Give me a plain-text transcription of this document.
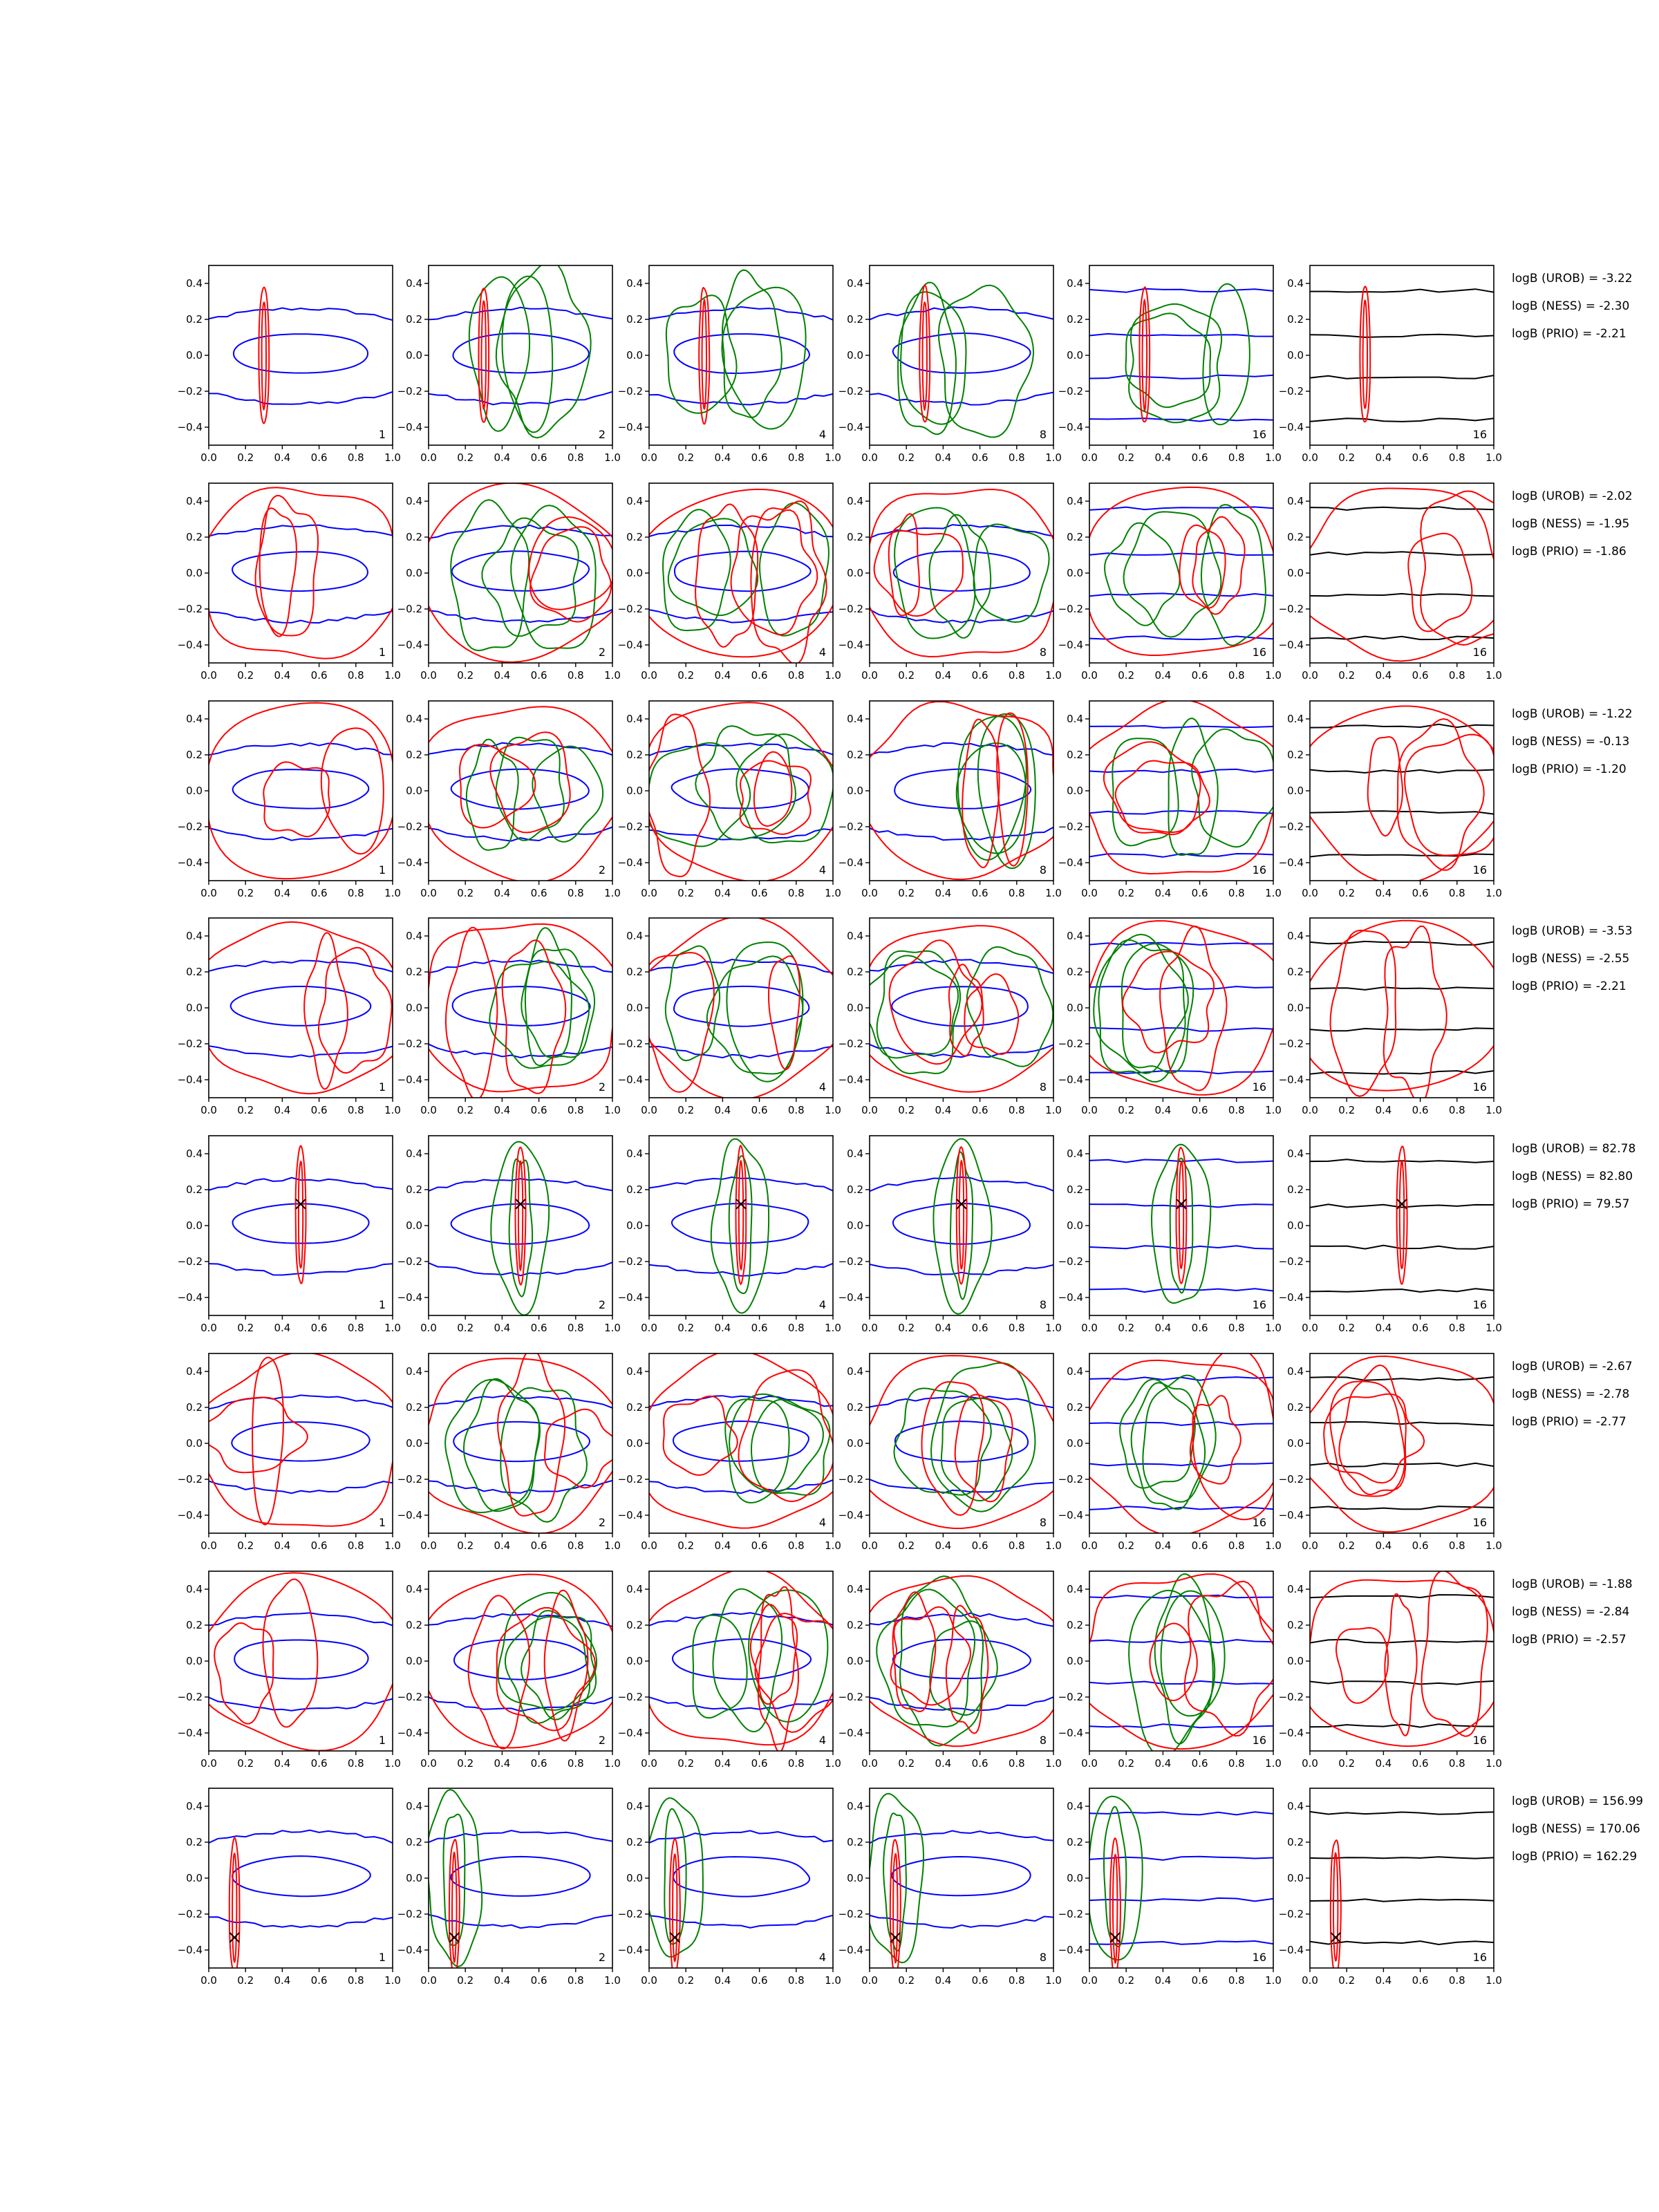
0.0 0.2 0.4 0.6 0.8 1.0
0.4
0.2
0.0
−0.2
−0.4
1
0.0 0.2 0.4 0.6 0.8 1.0
0.4
0.2
0.0
−0.2
−0.4
2
0.0 0.2 0.4 0.6 0.8 1.0
0.4
0.2
0.0
−0.2
−0.4
4
0.0 0.2 0.4 0.6 0.8 1.0
0.4
0.2
0.0
−0.2
−0.4
8
0.0 0.2 0.4 0.6 0.8 1.0
0.4
0.2
0.0
−0.2
−0.4
16
0.0 0.2 0.4 0.6 0.8 1.0
0.4
0.2
0.0
−0.2
−0.4
16
logB (UROB) = -3.22
logB (NESS) = -2.30
logB (PRIO) = -2.21
0.0 0.2 0.4 0.6 0.8 1.0
0.4
0.2
0.0
−0.2
−0.4
1
0.0 0.2 0.4 0.6 0.8 1.0
0.4
0.2
0.0
−0.2
−0.4
2
0.0 0.2 0.4 0.6 0.8 1.0
0.4
0.2
0.0
−0.2
−0.4
4
0.0 0.2 0.4 0.6 0.8 1.0
0.4
0.2
0.0
−0.2
−0.4
8
0.0 0.2 0.4 0.6 0.8 1.0
0.4
0.2
0.0
−0.2
−0.4
16
0.0 0.2 0.4 0.6 0.8 1.0
0.4
0.2
0.0
−0.2
−0.4
16
logB (UROB) = -2.02
logB (NESS) = -1.95
logB (PRIO) = -1.86
0.0 0.2 0.4 0.6 0.8 1.0
0.4
0.2
0.0
−0.2
−0.4
1
0.0 0.2 0.4 0.6 0.8 1.0
0.4
0.2
0.0
−0.2
−0.4
2
0.0 0.2 0.4 0.6 0.8 1.0
0.4
0.2
0.0
−0.2
−0.4
4
0.0 0.2 0.4 0.6 0.8 1.0
0.4
0.2
0.0
−0.2
−0.4
8
0.0 0.2 0.4 0.6 0.8 1.0
0.4
0.2
0.0
−0.2
−0.4
16
0.0 0.2 0.4 0.6 0.8 1.0
0.4
0.2
0.0
−0.2
−0.4
16
logB (UROB) = -1.22
logB (NESS) = -0.13
logB (PRIO) = -1.20
0.0 0.2 0.4 0.6 0.8 1.0
0.4
0.2
0.0
−0.2
−0.4
1
0.0 0.2 0.4 0.6 0.8 1.0
0.4
0.2
0.0
−0.2
−0.4
2
0.0 0.2 0.4 0.6 0.8 1.0
0.4
0.2
0.0
−0.2
−0.4
4
0.0 0.2 0.4 0.6 0.8 1.0
0.4
0.2
0.0
−0.2
−0.4
8
0.0 0.2 0.4 0.6 0.8 1.0
0.4
0.2
0.0
−0.2
−0.4
16
0.0 0.2 0.4 0.6 0.8 1.0
0.4
0.2
0.0
−0.2
−0.4
16
logB (UROB) = -3.53
logB (NESS) = -2.55
logB (PRIO) = -2.21
0.0 0.2 0.4 0.6 0.8 1.0
0.4
0.2
0.0
−0.2
−0.4
1
0.0 0.2 0.4 0.6 0.8 1.0
0.4
0.2
0.0
−0.2
−0.4
2
0.0 0.2 0.4 0.6 0.8 1.0
0.4
0.2
0.0
−0.2
−0.4
4
0.0 0.2 0.4 0.6 0.8 1.0
0.4
0.2
0.0
−0.2
−0.4
8
0.0 0.2 0.4 0.6 0.8 1.0
0.4
0.2
0.0
−0.2
−0.4
16
0.0 0.2 0.4 0.6 0.8 1.0
0.4
0.2
0.0
−0.2
−0.4
16
logB (UROB) = 82.78
logB (NESS) = 82.80
logB (PRIO) = 79.57
0.0 0.2 0.4 0.6 0.8 1.0
0.4
0.2
0.0
−0.2
−0.4
1
0.0 0.2 0.4 0.6 0.8 1.0
0.4
0.2
0.0
−0.2
−0.4
2
0.0 0.2 0.4 0.6 0.8 1.0
0.4
0.2
0.0
−0.2
−0.4
4
0.0 0.2 0.4 0.6 0.8 1.0
0.4
0.2
0.0
−0.2
−0.4
8
0.0 0.2 0.4 0.6 0.8 1.0
0.4
0.2
0.0
−0.2
−0.4
16
0.0 0.2 0.4 0.6 0.8 1.0
0.4
0.2
0.0
−0.2
−0.4
16
logB (UROB) = -2.67
logB (NESS) = -2.78
logB (PRIO) = -2.77
0.0 0.2 0.4 0.6 0.8 1.0
0.4
0.2
0.0
−0.2
−0.4
1
0.0 0.2 0.4 0.6 0.8 1.0
0.4
0.2
0.0
−0.2
−0.4
2
0.0 0.2 0.4 0.6 0.8 1.0
0.4
0.2
0.0
−0.2
−0.4
4
0.0 0.2 0.4 0.6 0.8 1.0
0.4
0.2
0.0
−0.2
−0.4
8
0.0 0.2 0.4 0.6 0.8 1.0
0.4
0.2
0.0
−0.2
−0.4
16
0.0 0.2 0.4 0.6 0.8 1.0
0.4
0.2
0.0
−0.2
−0.4
16
logB (UROB) = -1.88
logB (NESS) = -2.84
logB (PRIO) = -2.57
0.0 0.2 0.4 0.6 0.8 1.0
0.4
0.2
0.0
−0.2
−0.4
1
0.0 0.2 0.4 0.6 0.8 1.0
0.4
0.2
0.0
−0.2
−0.4
2
0.0 0.2 0.4 0.6 0.8 1.0
0.4
0.2
0.0
−0.2
−0.4
4
0.0 0.2 0.4 0.6 0.8 1.0
0.4
0.2
0.0
−0.2
−0.4
8
0.0 0.2 0.4 0.6 0.8 1.0
0.4
0.2
0.0
−0.2
−0.4
16
0.0 0.2 0.4 0.6 0.8 1.0
0.4
0.2
0.0
−0.2
−0.4
16
logB (UROB) = 156.99
logB (NESS) = 170.06
logB (PRIO) = 162.29
